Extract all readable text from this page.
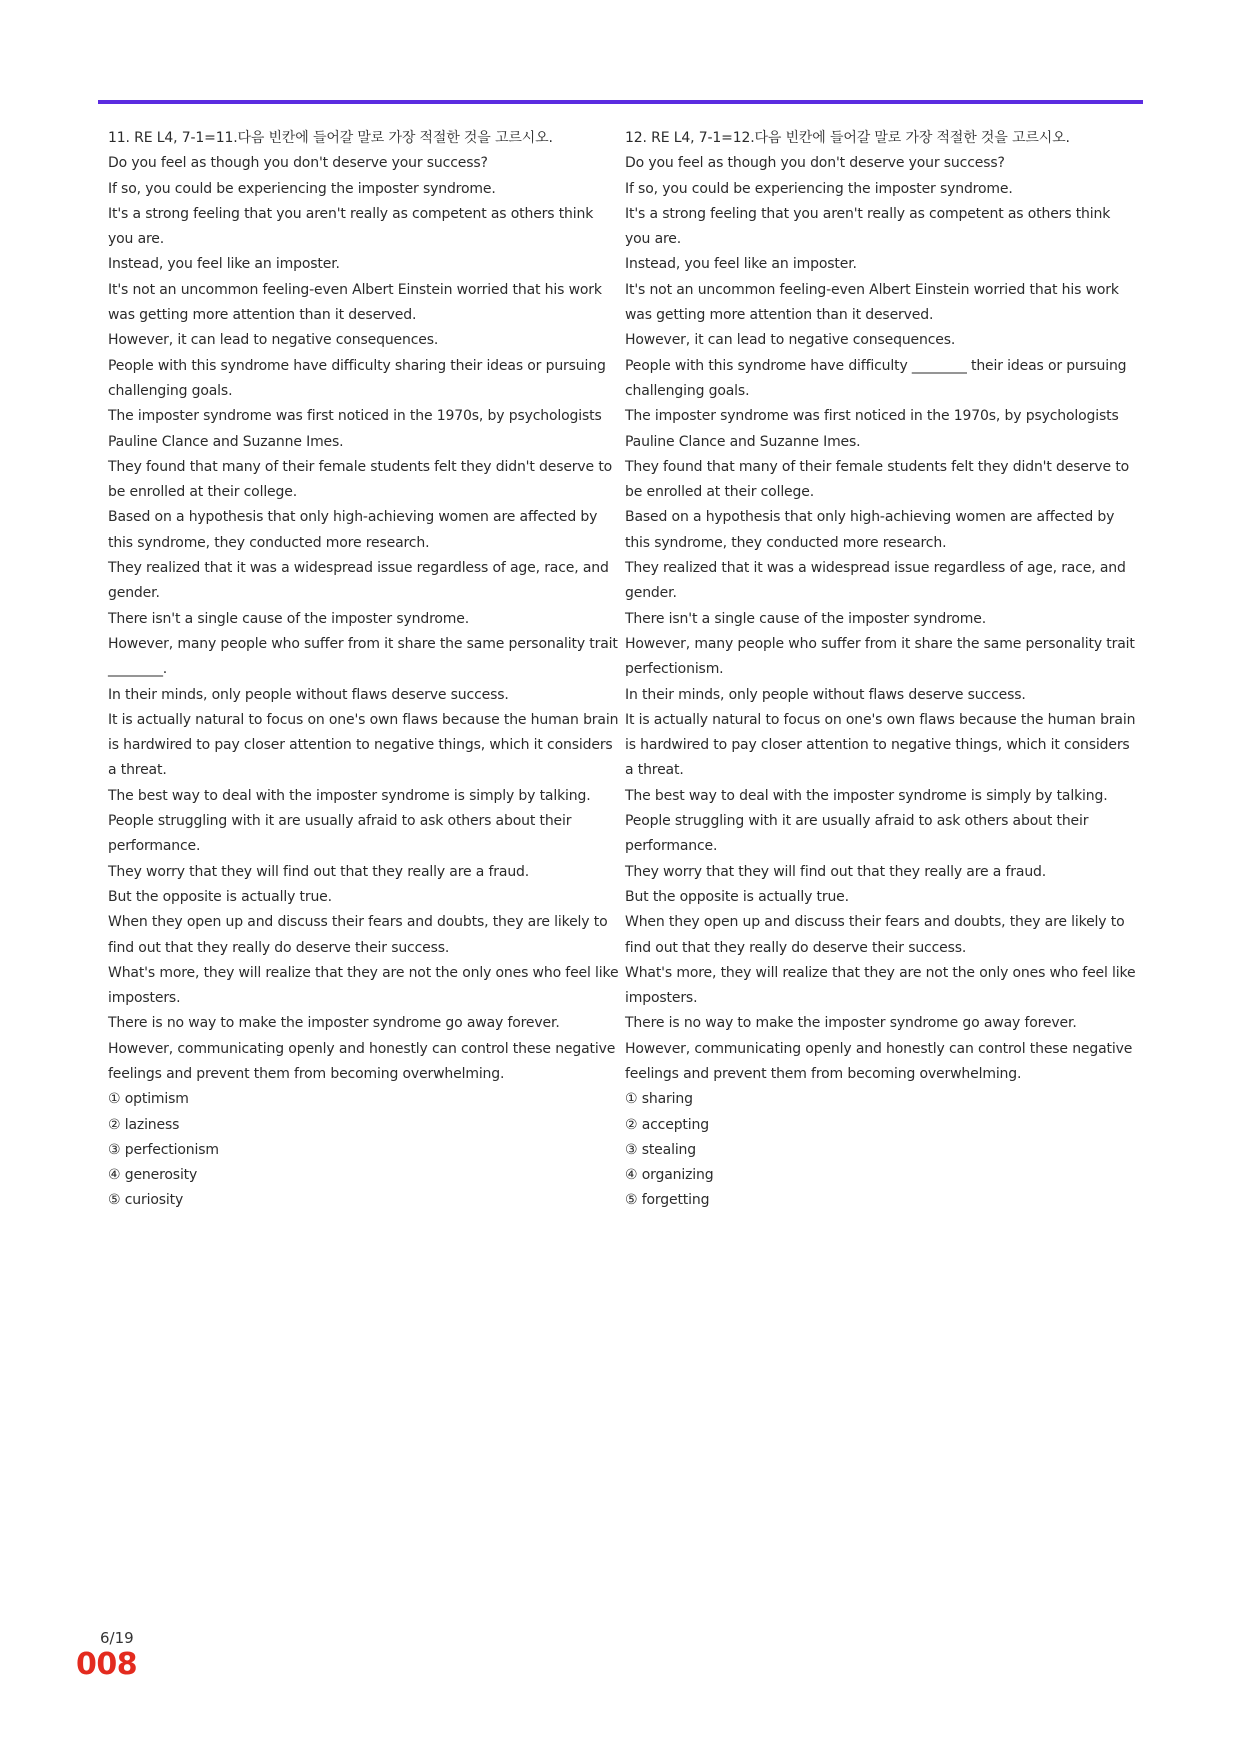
11. RE L4, 7-1=11.다음 빈칸에 들어갈 말로 가장 적절한 것을 고르시오.

Do you feel as though you don't deserve your success?

If so, you could be experiencing the imposter syndrome.

It's a strong feeling that you aren't really as competent as others think you are.

Instead, you feel like an imposter.

It's not an uncommon feeling-even Albert Einstein worried that his work was getting more attention than it deserved.

However, it can lead to negative consequences.

People with this syndrome have difficulty sharing their ideas or pursuing challenging goals.

The imposter syndrome was first noticed in the 1970s, by psychologists Pauline Clance and Suzanne Imes.

They found that many of their female students felt they didn't deserve to be enrolled at their college.

Based on a hypothesis that only high-achieving women are affected by this syndrome, they conducted more research.

They realized that it was a widespread issue regardless of age, race, and gender.

There isn't a single cause of the imposter syndrome.

However, many people who suffer from it share the same personality trait ________.

In their minds, only people without flaws deserve success.

It is actually natural to focus on one's own flaws because the human brain is hardwired to pay closer attention to negative things, which it considers a threat.

The best way to deal with the imposter syndrome is simply by talking.

People struggling with it are usually afraid to ask others about their performance.

They worry that they will find out that they really are a fraud.

But the opposite is actually true.

When they open up and discuss their fears and doubts, they are likely to find out that they really do deserve their success.

What's more, they will realize that they are not the only ones who feel like imposters.

There is no way to make the imposter syndrome go away forever.

However, communicating openly and honestly can control these negative feelings and prevent them from becoming overwhelming.

① optimism

② laziness

③ perfectionism

④ generosity

⑤ curiosity

12. RE L4, 7-1=12.다음 빈칸에 들어갈 말로 가장 적절한 것을 고르시오.

Do you feel as though you don't deserve your success?

If so, you could be experiencing the imposter syndrome.

It's a strong feeling that you aren't really as competent as others think you are.

Instead, you feel like an imposter.

It's not an uncommon feeling-even Albert Einstein worried that his work was getting more attention than it deserved.

However, it can lead to negative consequences.

People with this syndrome have difficulty ________ their ideas or pursuing challenging goals.

The imposter syndrome was first noticed in the 1970s, by psychologists Pauline Clance and Suzanne Imes.

They found that many of their female students felt they didn't deserve to be enrolled at their college.

Based on a hypothesis that only high-achieving women are affected by this syndrome, they conducted more research.

They realized that it was a widespread issue regardless of age, race, and gender.

There isn't a single cause of the imposter syndrome.

However, many people who suffer from it share the same personality trait perfectionism.

In their minds, only people without flaws deserve success.

It is actually natural to focus on one's own flaws because the human brain is hardwired to pay closer attention to negative things, which it considers a threat.

The best way to deal with the imposter syndrome is simply by talking.

People struggling with it are usually afraid to ask others about their performance.

They worry that they will find out that they really are a fraud.

But the opposite is actually true.

When they open up and discuss their fears and doubts, they are likely to find out that they really do deserve their success.

What's more, they will realize that they are not the only ones who feel like imposters.

There is no way to make the imposter syndrome go away forever.

However, communicating openly and honestly can control these negative feelings and prevent them from becoming overwhelming.

① sharing

② accepting

③ stealing

④ organizing

⑤ forgetting

6/19
008
